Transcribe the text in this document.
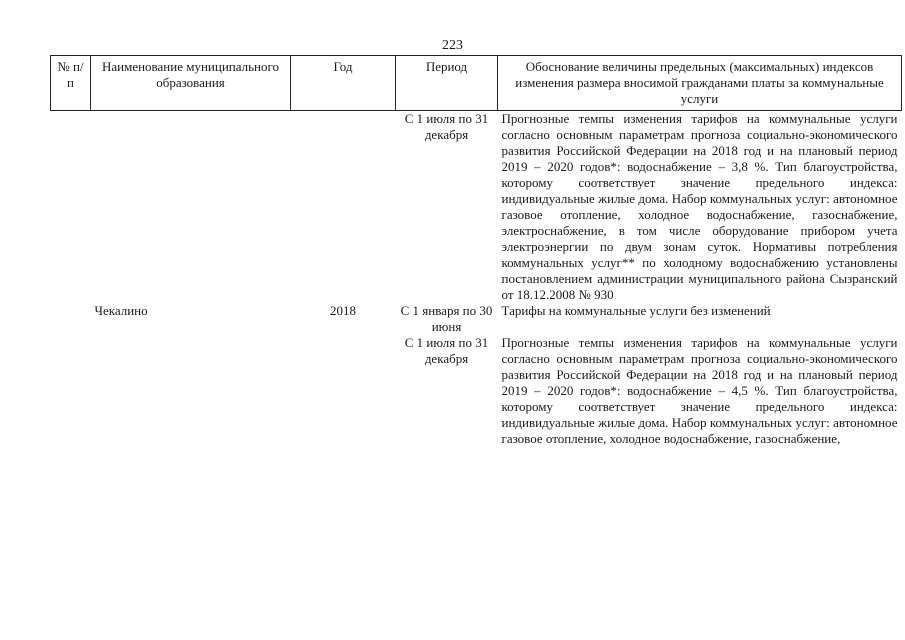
223
№ п/п	Наименование муниципального образования	Год	Период	Обоснование величины предельных (максимальных) индексов изменения размера вносимой гражданами платы за коммунальные услуги
			С 1 июля по 31 декабря	Прогнозные темпы изменения тарифов на коммунальные услуги согласно основным параметрам прогноза социально-экономического развития Российской Федерации на 2018 год и на плановый период 2019 – 2020 годов*: водоснабжение – 3,8 %. Тип благоустройства, которому соответствует значение предельного индекса: индивидуальные жилые дома. Набор коммунальных услуг: автономное газовое отопление, холодное водоснабжение, газоснабжение, электроснабжение, в том числе оборудование прибором учета электроэнергии по двум зонам суток. Нормативы потребления коммунальных услуг** по холодному водоснабжению установлены постановлением администрации муниципального района Сызранский от 18.12.2008 № 930
	Чекалино	2018	С 1 января по 30 июня	Тарифы на коммунальные услуги без изменений
			С 1 июля по 31 декабря	Прогнозные темпы изменения тарифов на коммунальные услуги согласно основным параметрам прогноза социально-экономического развития Российской Федерации на 2018 год и на плановый период 2019 – 2020 годов*: водоснабжение – 4,5 %. Тип благоустройства, которому соответствует значение предельного индекса: индивидуальные жилые дома. Набор коммунальных услуг: автономное газовое отопление, холодное водоснабжение, газоснабжение,
